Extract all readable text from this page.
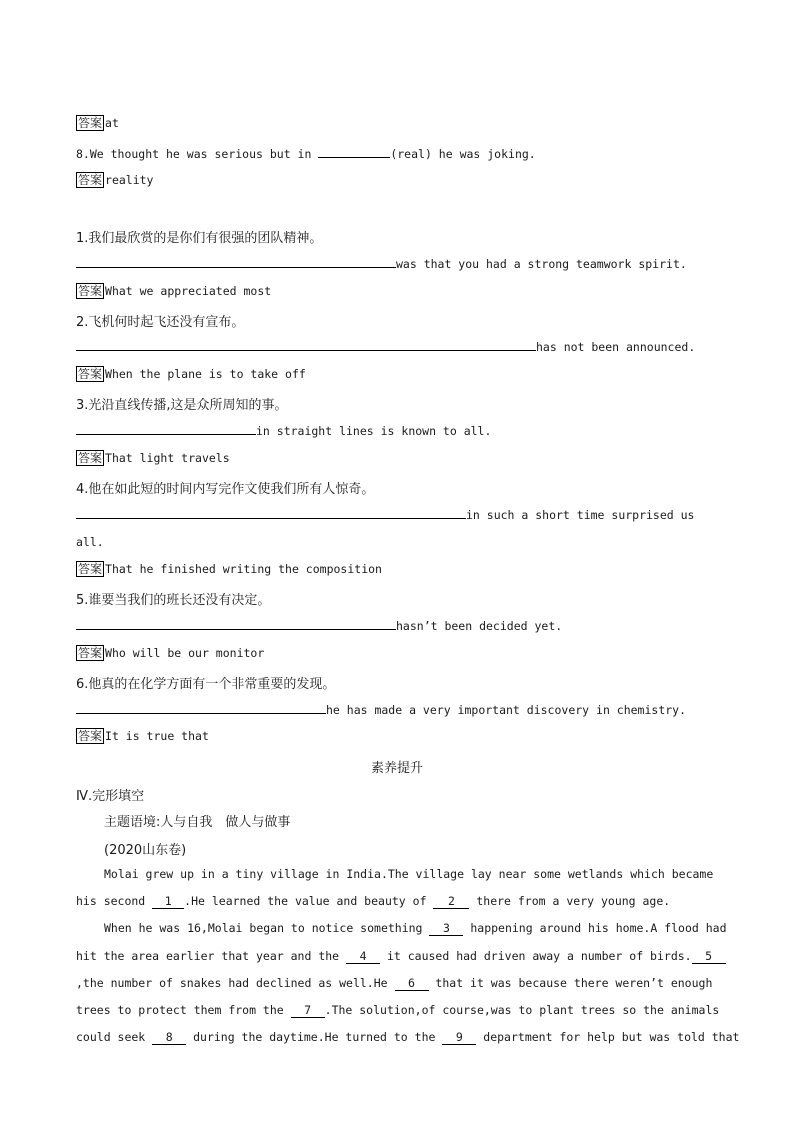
答案 at
8.We thought he was serious but in	(real) he was joking.
答案 reality
1.我们最欣赏的是你们有很强的团队精神。
was that you had a strong teamwork spirit.
答案 What we appreciated most
2.飞机何时起飞还没有宣布。
has not been announced.
答案 When the plane is to take off
3.光沿直线传播,这是众所周知的事。
in straight lines is known to all.
答案 That light travels
4.他在如此短的时间内写完作文使我们所有人惊奇。
in such a short time surprised us
all.
答案 That he finished writing the composition
5.谁要当我们的班长还没有决定。
hasn’t been decided yet.
答案 Who will be our monitor
6.他真的在化学方面有一个非常重要的发现。
he has made a very important discovery in chemistry.
答案 It is true that
素养提升
Ⅳ.完形填空
主题语境:人与自我　做人与做事
(2020山东卷)
Molai grew up in a tiny village in India.The village lay near some wetlands which became
his second 1 .He learned the value and beauty of 2 there from a very young age.
When he was 16,Molai began to notice something 3 happening around his home.A flood had
hit the area earlier that year and the 4 it caused had driven away a number of birds. 5
,the number of snakes had declined as well.He 6 that it was because there weren’t enough
trees to protect them from the 7 .The solution,of course,was to plant trees so the animals
could seek 8 during the daytime.He turned to the 9 department for help but was told that
